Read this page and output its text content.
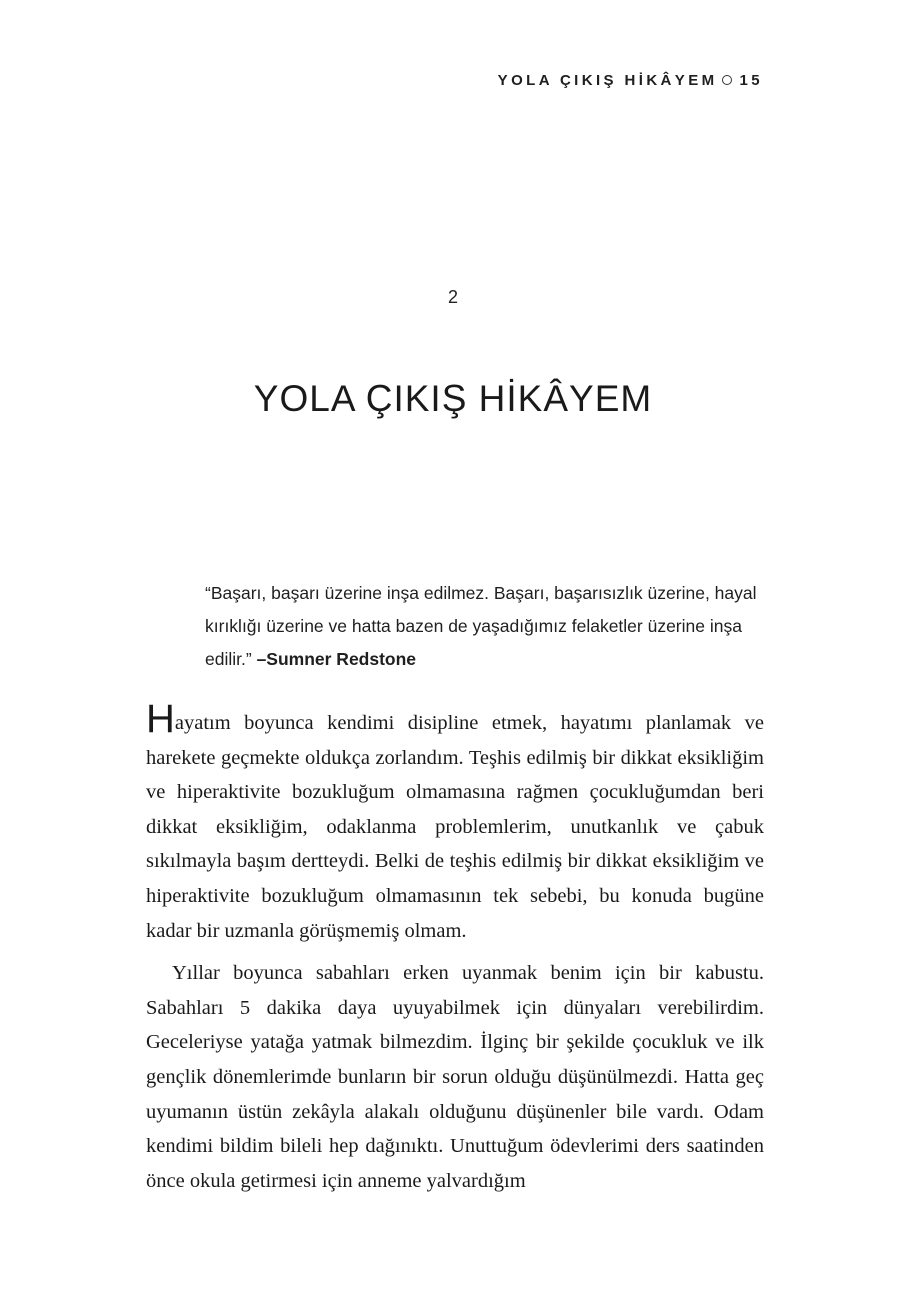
YOLA ÇIKIŞ HİKÂYEM 15
2
YOLA ÇIKIŞ HİKÂYEM

“Başarı, başarı üzerine inşa edilmez. Başarı, başarısızlık üzerine, hayal kırıklığı üzerine ve hatta bazen de yaşadığımız felaketler üzerine inşa edilir.” –Sumner Redstone

Hayatım boyunca kendimi disipline etmek, hayatımı planlamak ve harekete geçmekte oldukça zorlandım. Teşhis edilmiş bir dikkat eksikliğim ve hiperaktivite bozukluğum olmamasına rağmen çocukluğumdan beri dikkat eksikliğim, odaklanma problemlerim, unutkanlık ve çabuk sıkılmayla başım dertteydi. Belki de teşhis edilmiş bir dikkat eksikliğim ve hiperaktivite bozukluğum olmamasının tek sebebi, bu konuda bugüne kadar bir uzmanla görüşmemiş olmam.

Yıllar boyunca sabahları erken uyanmak benim için bir kabustu. Sabahları 5 dakika daya uyuyabilmek için dünyaları verebilirdim. Geceleriyse yatağa yatmak bilmezdim. İlginç bir şekilde çocukluk ve ilk gençlik dönemlerimde bunların bir sorun olduğu düşünülmezdi. Hatta geç uyumanın üstün zekâyla alakalı olduğunu düşünenler bile vardı. Odam kendimi bildim bileli hep dağınıktı. Unuttuğum ödevlerimi ders saatinden önce okula getirmesi için anneme yalvardığım
